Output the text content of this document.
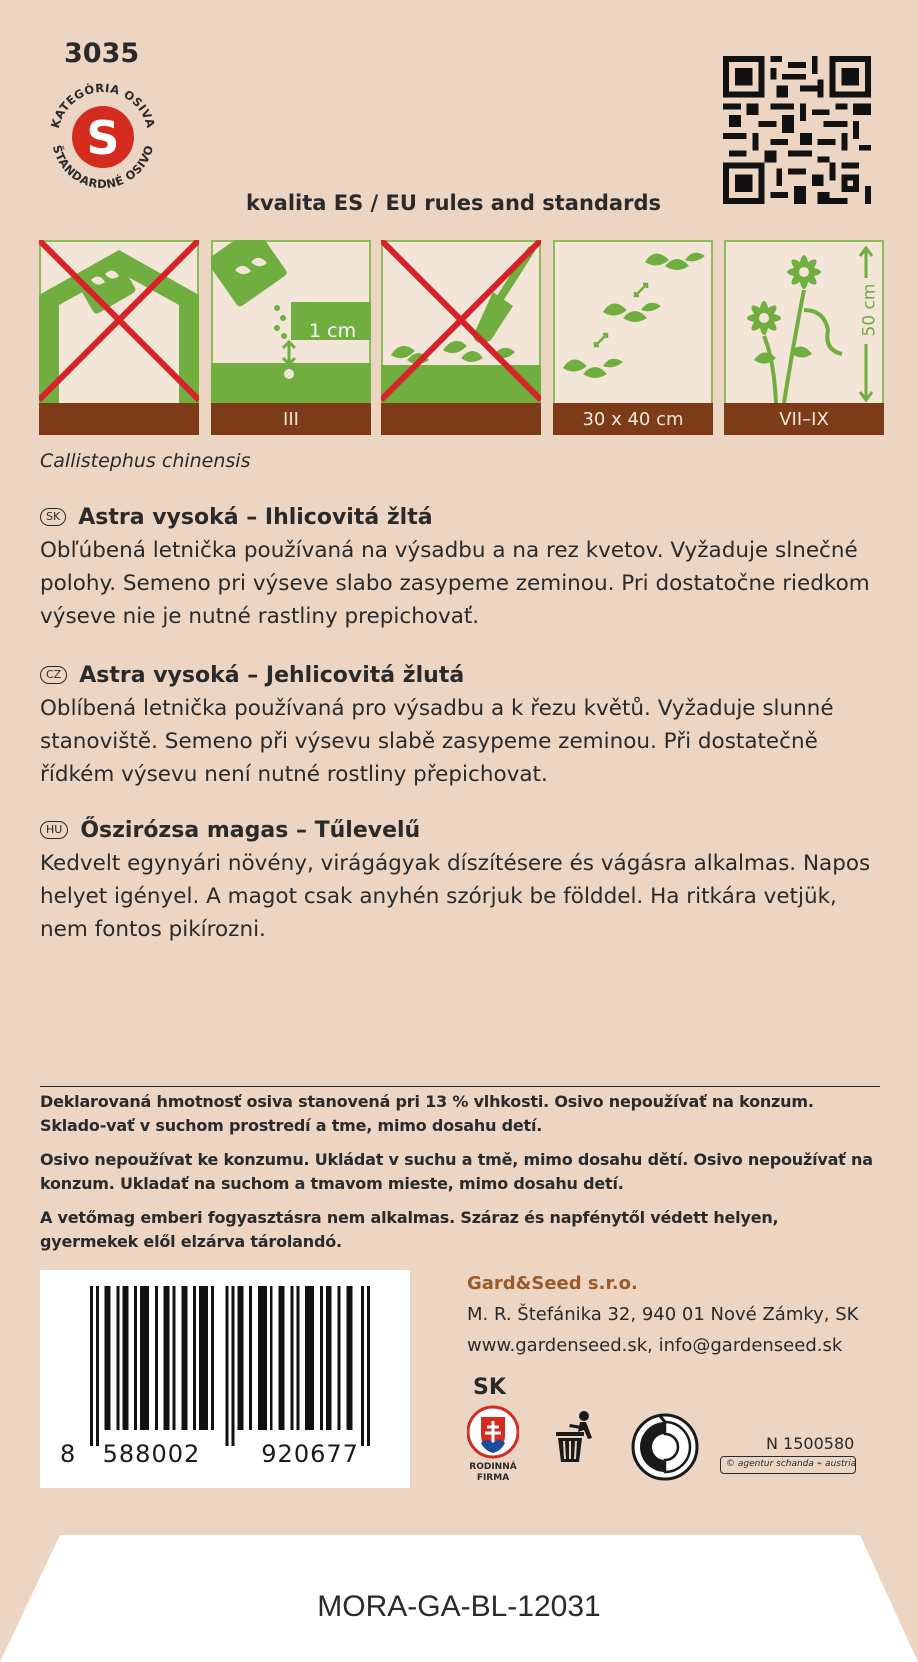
3035
KATEGÓRIA OSIVA
ŠTANDARDNÉ OSIVO
S
kvalita ES / EU rules and standards
1 cm
III	30 x 40 cm
50 cm
VII–IX
Callistephus chinensis
SK Astra vysoká – Ihlicovitá žltá
Obľúbená letnička používaná na výsadbu a na rez kvetov. Vyžaduje slnečné polohy. Semeno pri výseve slabo zasypeme zeminou. Pri dostatočne riedkom výseve nie je nutné rastliny prepichovať.
CZ Astra vysoká – Jehlicovitá žlutá
Oblíbená letnička používaná pro výsadbu a k řezu květů. Vyžaduje slunné stanoviště. Semeno při výsevu slabě zasypeme zeminou. Při dostatečně řídkém výsevu není nutné rostliny přepichovat.
HU Őszirózsa magas – Tűlevelű
Kedvelt egynyári növény, virágágyak díszítésere és vágásra alkalmas. Napos helyet igényel. A magot csak anyhén szórjuk be földdel. Ha ritkára vetjük, nem fontos pikírozni.
Deklarovaná hmotnosť osiva stanovená pri 13 % vlhkosti. Osivo nepoužívať na konzum. Sklado-vať v suchom prostredí a tme, mimo dosahu detí.
Osivo nepoužívat ke konzumu. Ukládat v suchu a tmě, mimo dosahu dětí. Osivo nepoužívať na konzum. Ukladať na suchom a tmavom mieste, mimo dosahu detí.
A vetőmag emberi fogyasztásra nem alkalmas. Száraz és napfénytől védett helyen, gyermekek elől elzárva tárolandó.
8 588002	920677
Gard&Seed s.r.o.
M. R. Štefánika 32, 940 01 Nové Zámky, SK
www.gardenseed.sk, info@gardenseed.sk
SK
RODINNÁ
FIRMA
N 1500580
© agentur schanda ⌁ austria
MORA-GA-BL-12031
